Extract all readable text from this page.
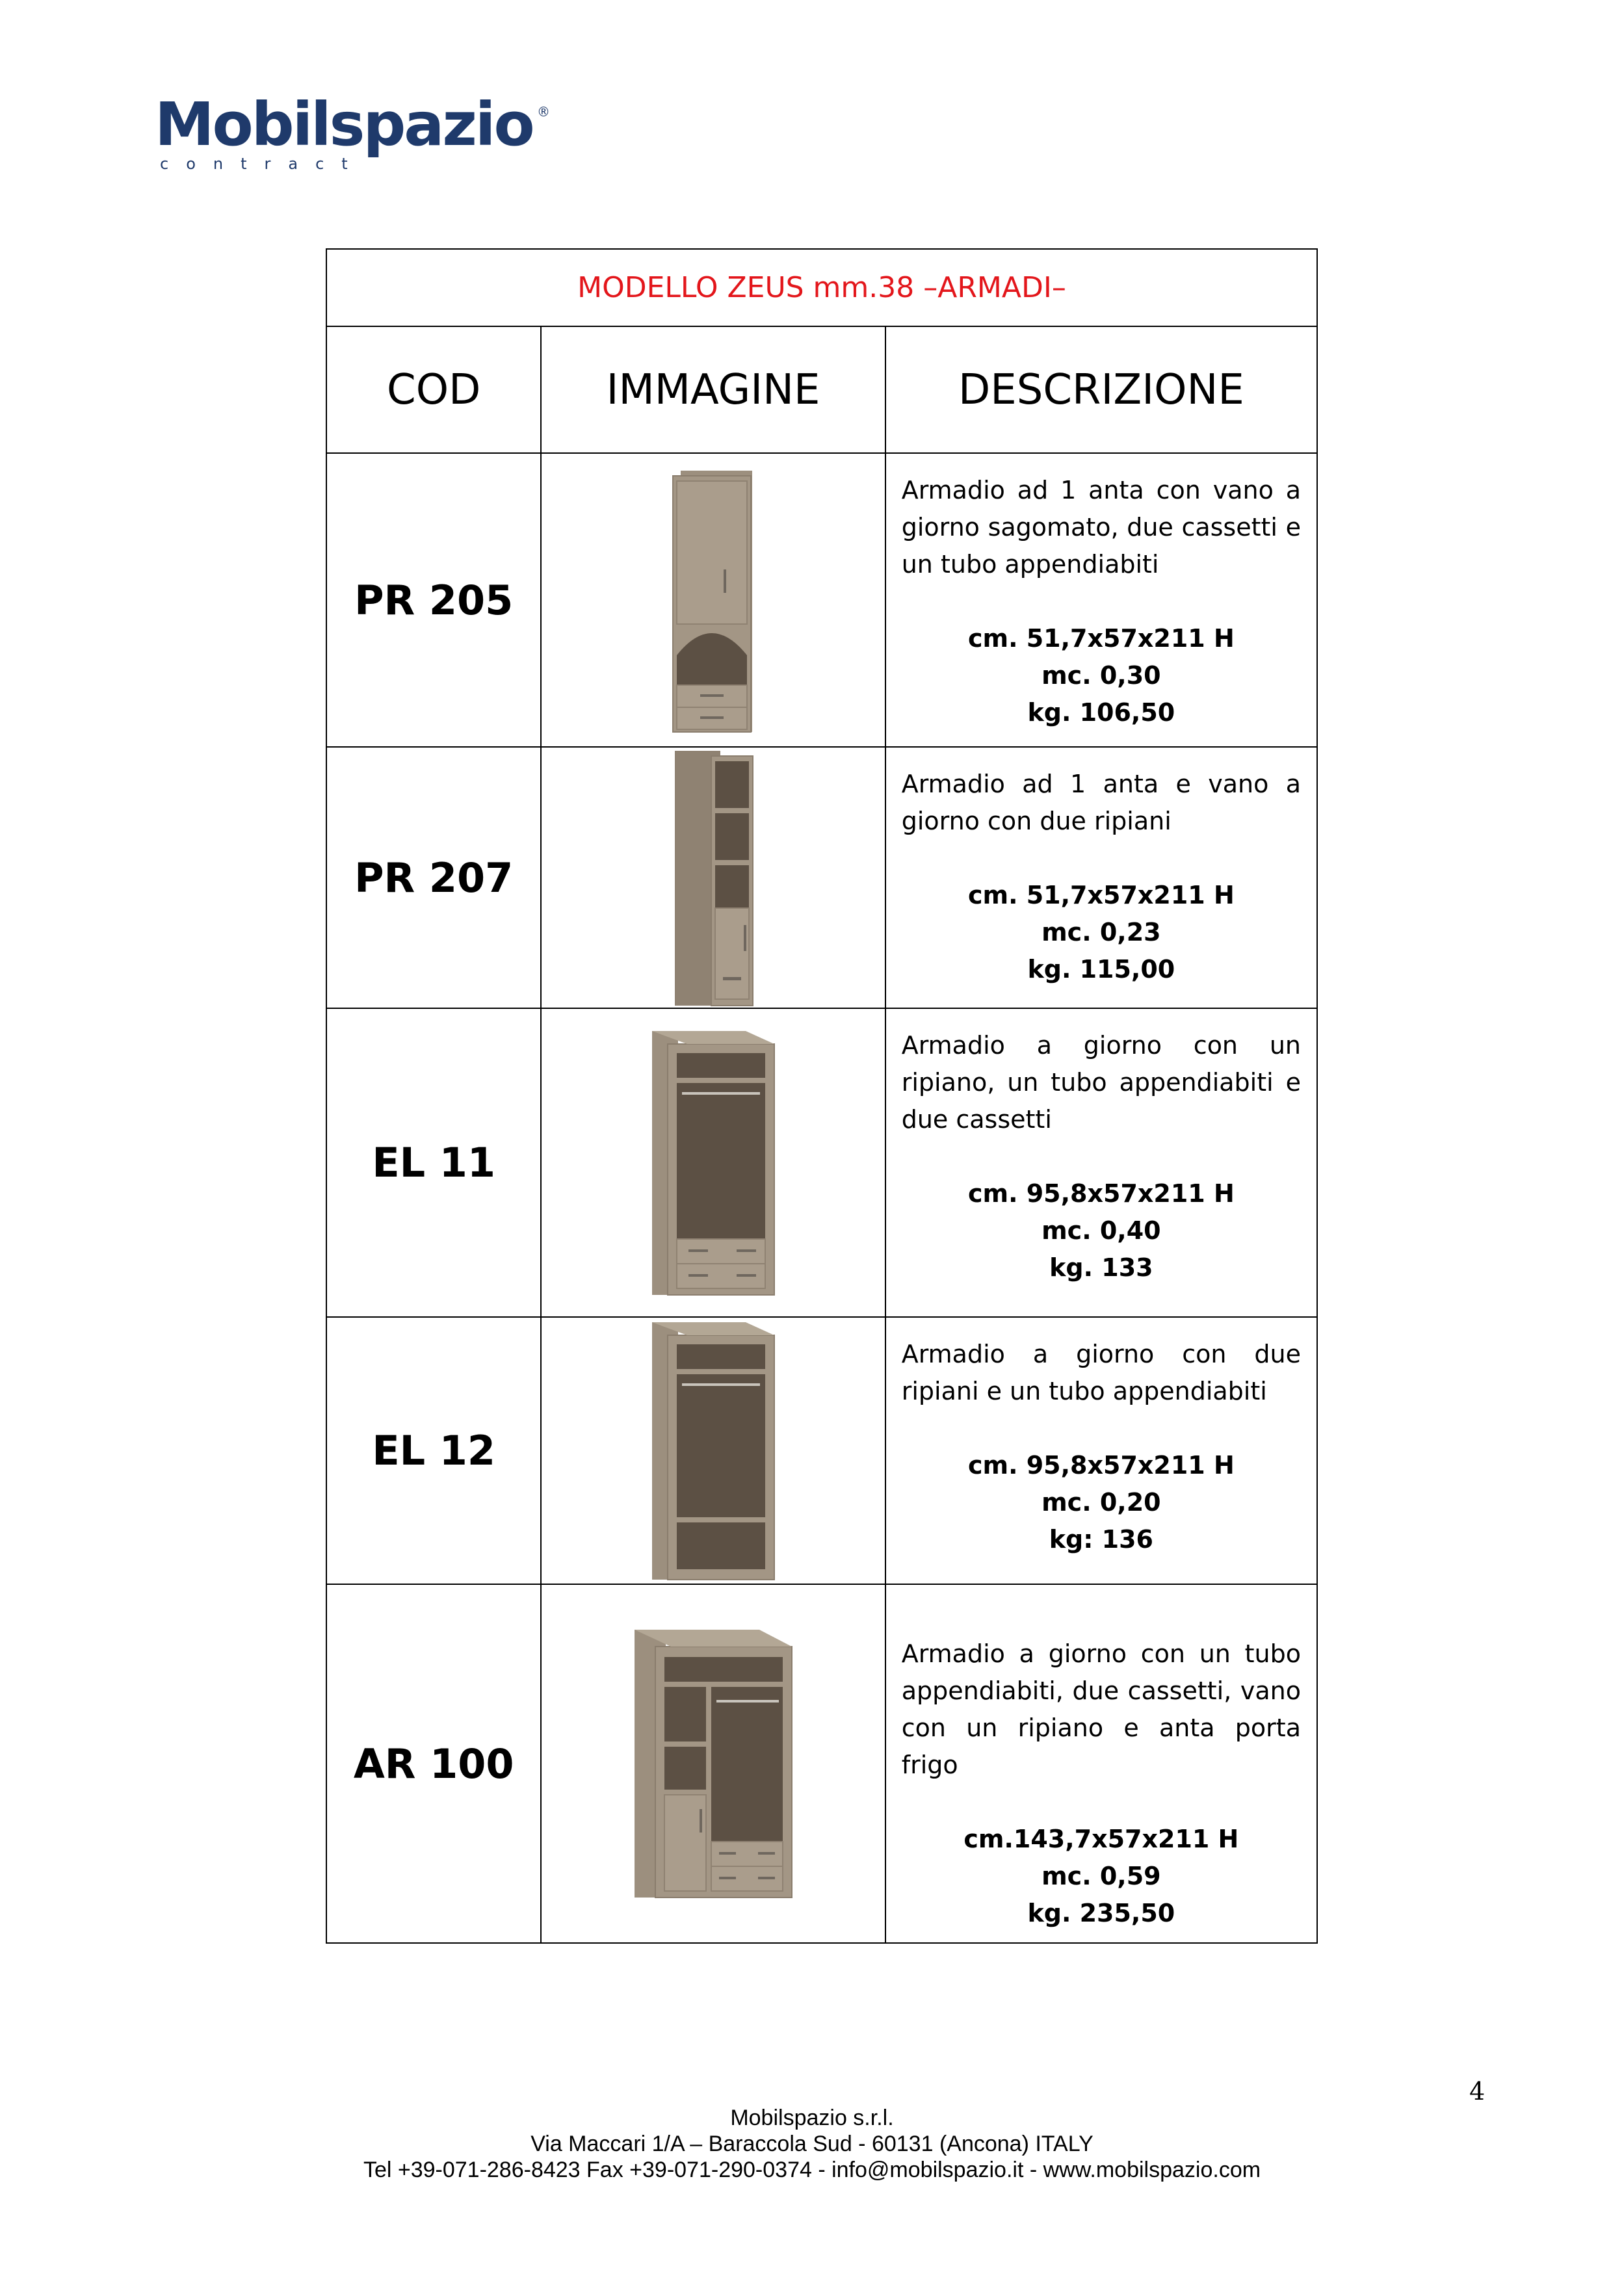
Mobilspazio ®
contract
MODELLO ZEUS mm.38 –ARMADI–		
COD	IMMAGINE	DESCRIZIONE
PR 205		Armadio ad 1 anta con vano a giorno sagomato, due cassetti e un tubo appendiabiti
cm. 51,7x57x211 H
mc. 0,30
kg. 106,50

PR 207		Armadio ad 1 anta e vano a giorno con due ripiani
cm. 51,7x57x211 H
mc. 0,23
kg. 115,00

EL 11		Armadio a giorno con un ripiano, un tubo appendiabiti e due cassetti
cm. 95,8x57x211 H
mc. 0,40
kg. 133

EL 12		Armadio a giorno con due ripiani e un tubo appendiabiti
cm. 95,8x57x211 H
mc. 0,20
kg: 136

AR 100		Armadio a giorno con un tubo appendiabiti, due cassetti, vano con un ripiano e anta porta frigo
cm.143,7x57x211 H
mc. 0,59
kg. 235,50
4
Mobilspazio s.r.l.
Via Maccari 1/A – Baraccola Sud - 60131 (Ancona) ITALY
Tel +39-071-286-8423 Fax +39-071-290-0374 - info@mobilspazio.it - www.mobilspazio.com
